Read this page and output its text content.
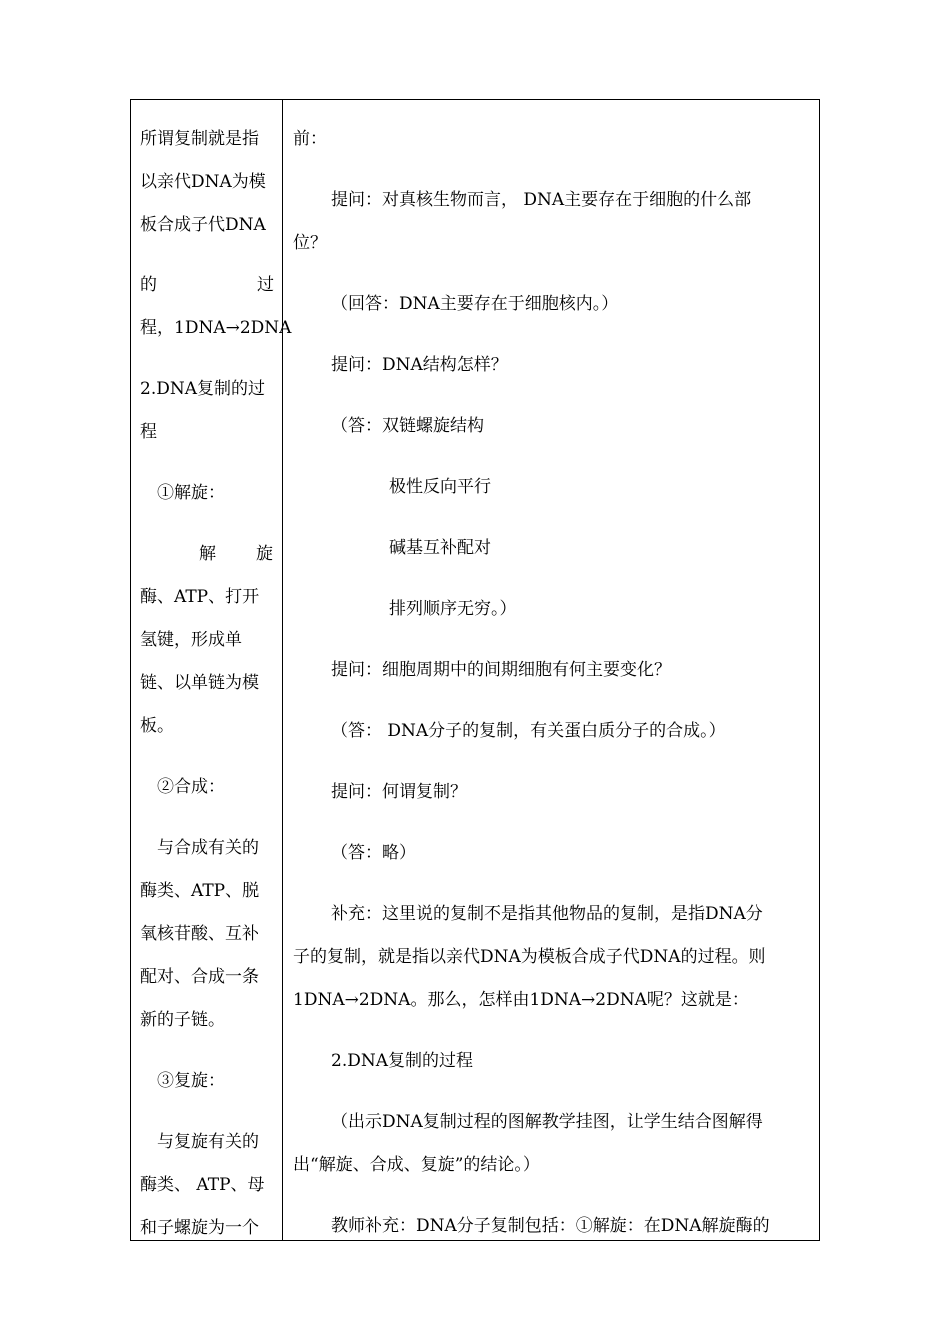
所谓复制就是指
以亲代DNA为模
板合成子代DNA
的	过
程，1DNA→2DNA
2.DNA复制的过
程
①解旋：
解 旋
酶、ATP、打开
氢键，形成单
链、以单链为模
板。
②合成：
与合成有关的
酶类、ATP、脱
氧核苷酸、互补
配对、合成一条
新的子链。
③复旋：
与复旋有关的
酶类、 ATP、母
和子螺旋为一个
前：
提问：对真核生物而言， DNA主要存在于细胞的什么部
位？
（回答：DNA主要存在于细胞核内。）
提问：DNA结构怎样？
（答：双链螺旋结构
极性反向平行
碱基互补配对
排列顺序无穷。）
提问：细胞周期中的间期细胞有何主要变化？
（答： DNA分子的复制，有关蛋白质分子的合成。）
提问：何谓复制？
（答：略）
补充：这里说的复制不是指其他物品的复制，是指DNA分
子的复制，就是指以亲代DNA为模板合成子代DNA的过程。则
1DNA→2DNA。那么，怎样由1DNA→2DNA呢？这就是：
2.DNA复制的过程
（出示DNA复制过程的图解教学挂图，让学生结合图解得
出“解旋、合成、复旋”的结论。）
教师补充：DNA分子复制包括：①解旋：在DNA解旋酶的
